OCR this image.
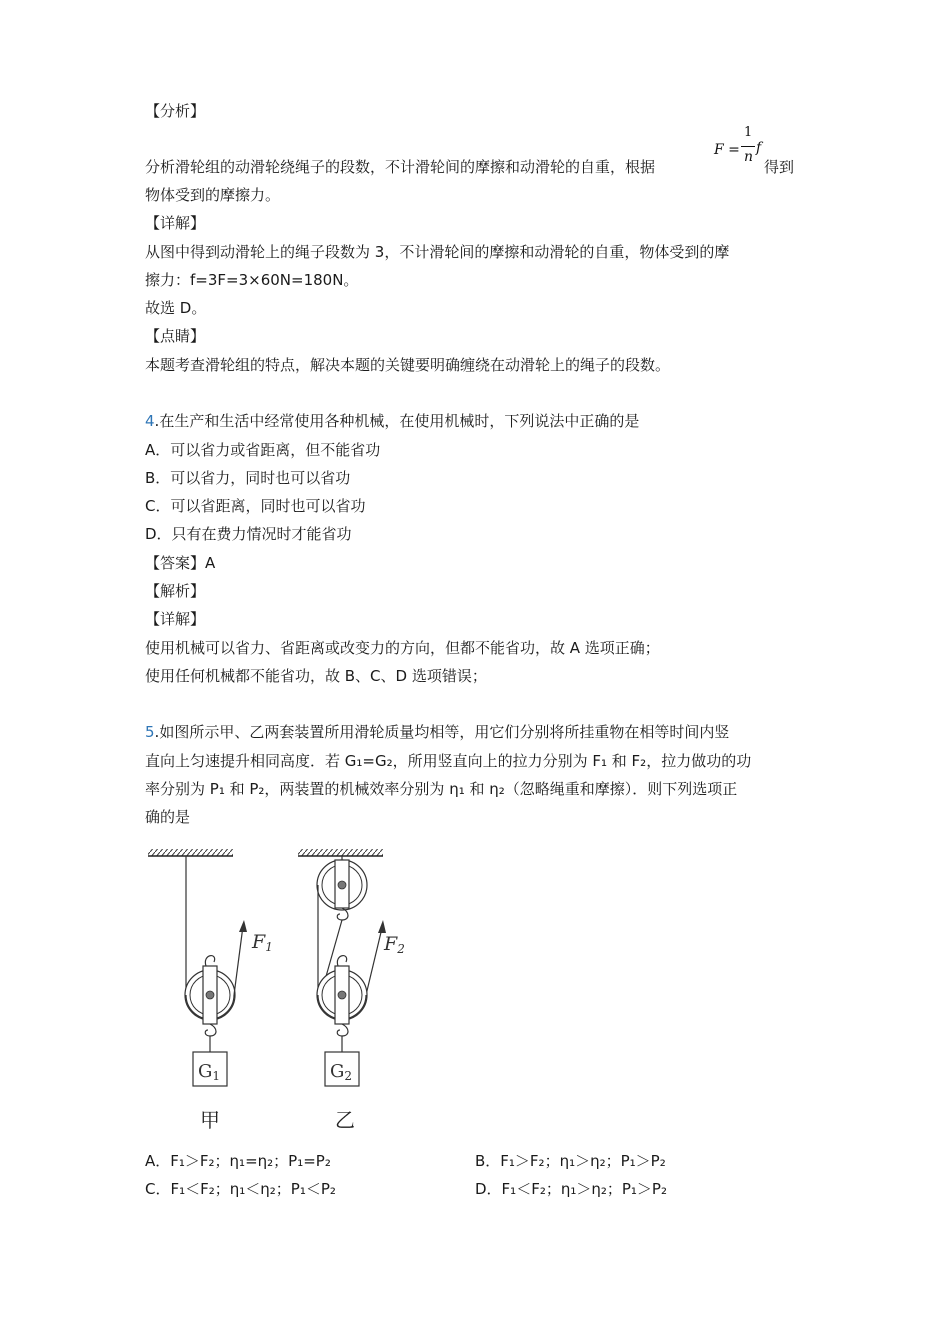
【分析】
F =
1
n
f
分析滑轮组的动滑轮绕绳子的段数，不计滑轮间的摩擦和动滑轮的自重，根据	得到
物体受到的摩擦力。
【详解】
从图中得到动滑轮上的绳子段数为 3，不计滑轮间的摩擦和动滑轮的自重，物体受到的摩
擦力：f=3F=3×60N=180N。
故选 D。
【点睛】
本题考查滑轮组的特点，解决本题的关键要明确缠绕在动滑轮上的绳子的段数。
4.在生产和生活中经常使用各种机械，在使用机械时，下列说法中正确的是
A．可以省力或省距离，但不能省功
B．可以省力，同时也可以省功
C．可以省距离，同时也可以省功
D．只有在费力情况时才能省功
【答案】A
【解析】
【详解】
使用机械可以省力、省距离或改变力的方向，但都不能省功，故 A 选项正确；
使用任何机械都不能省功，故 B、C、D 选项错误；
5.如图所示甲、乙两套装置所用滑轮质量均相等，用它们分别将所挂重物在相等时间内竖
直向上匀速提升相同高度．若 G₁=G₂，所用竖直向上的拉力分别为 F₁ 和 F₂，拉力做功的功
率分别为 P₁ 和 P₂，两装置的机械效率分别为 η₁ 和 η₂（忽略绳重和摩擦）．则下列选项正
确的是
F1
G1
F2
G2
甲	乙
A．F₁＞F₂；η₁=η₂；P₁=P₂	B．F₁＞F₂；η₁＞η₂；P₁＞P₂
C．F₁＜F₂；η₁＜η₂；P₁＜P₂	D．F₁＜F₂；η₁＞η₂；P₁＞P₂
